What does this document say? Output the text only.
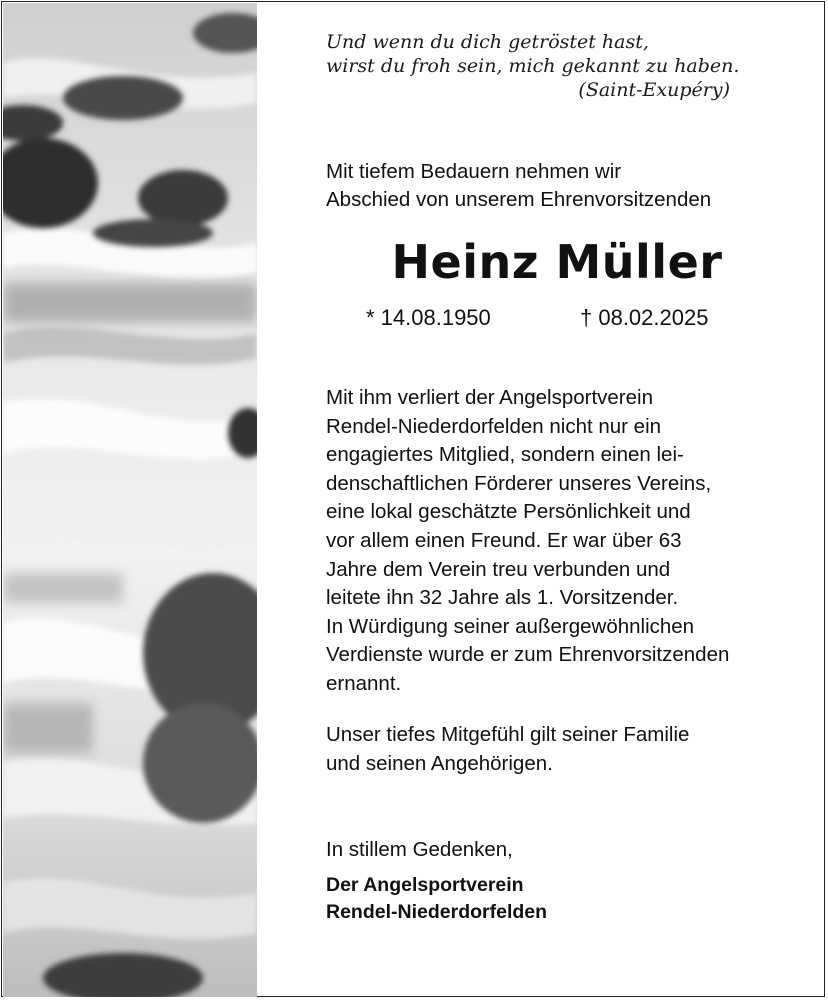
Und wenn du dich getröstet hast,
wirst du froh sein, mich gekannt zu haben.
(Saint-Exupéry)
Mit tiefem Bedauern nehmen wir
Abschied von unserem Ehrenvorsitzenden
Heinz Müller
* 14.08.1950	† 08.02.2025
Mit ihm verliert der Angelsportverein
Rendel-Niederdorfelden nicht nur ein
engagiertes Mitglied, sondern einen lei-
denschaftlichen Förderer unseres Vereins,
eine lokal geschätzte Persönlichkeit und
vor allem einen Freund. Er war über 63
Jahre dem Verein treu verbunden und
leitete ihn 32 Jahre als 1. Vorsitzender.
In Würdigung seiner außergewöhnlichen
Verdienste wurde er zum Ehrenvorsitzenden
ernannt.
Unser tiefes Mitgefühl gilt seiner Familie
und seinen Angehörigen.
In stillem Gedenken,
Der Angelsportverein
Rendel-Niederdorfelden
